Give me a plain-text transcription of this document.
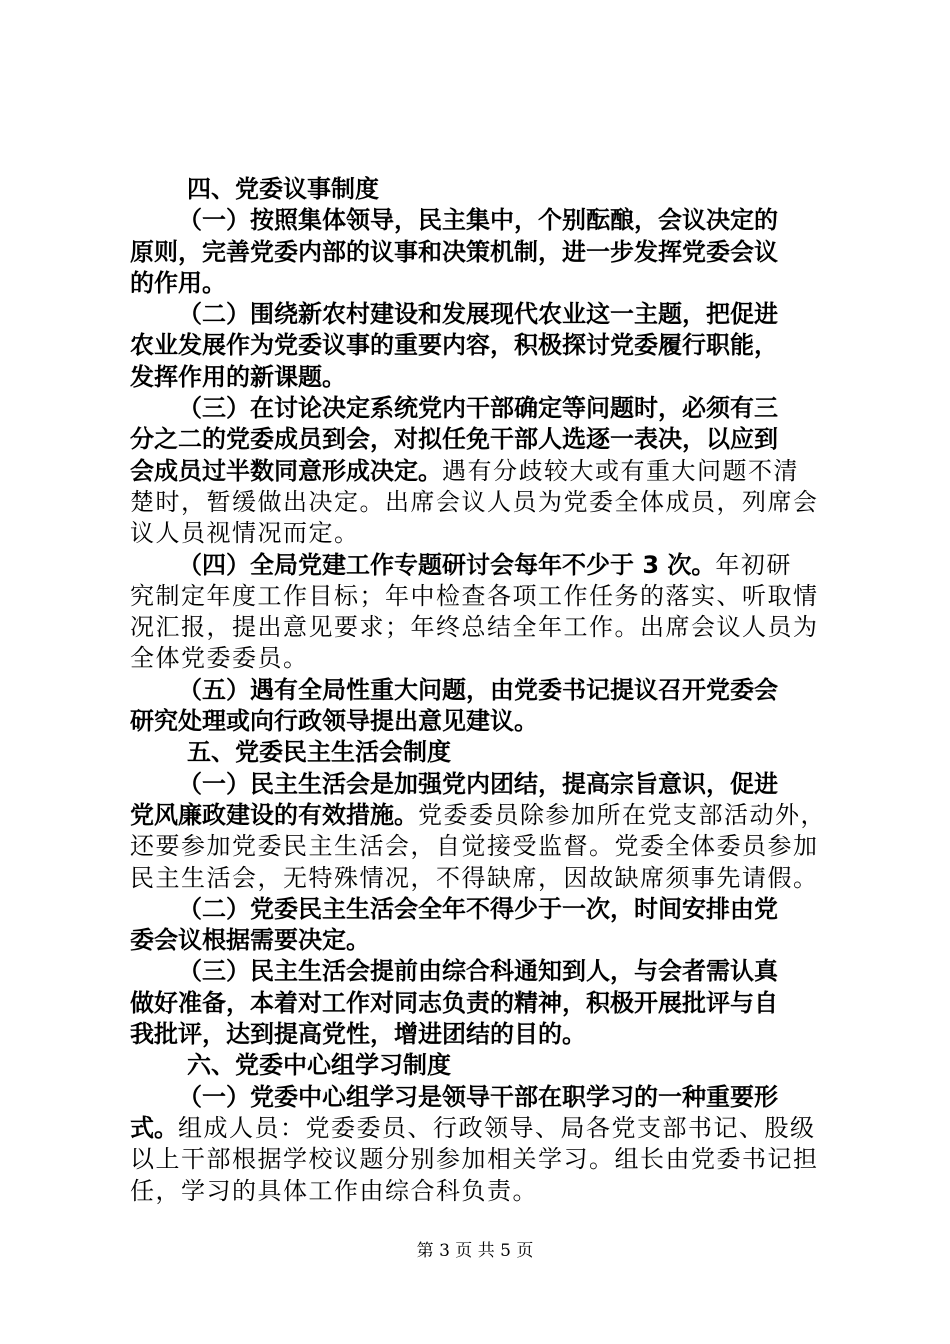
四、党委议事制度
（一）按照集体领导，民主集中，个别酝酿，会议决定的
原则，完善党委内部的议事和决策机制，进一步发挥党委会议
的作用。
（二）围绕新农村建设和发展现代农业这一主题，把促进
农业发展作为党委议事的重要内容，积极探讨党委履行职能，
发挥作用的新课题。
（三）在讨论决定系统党内干部确定等问题时，必须有三
分之二的党委成员到会，对拟任免干部人选逐一表决，以应到
会成员过半数同意形成决定。遇有分歧较大或有重大问题不清
楚时，暂缓做出决定。出席会议人员为党委全体成员，列席会
议人员视情况而定。
（四）全局党建工作专题研讨会每年不少于 3 次。年初研
究制定年度工作目标；年中检查各项工作任务的落实、听取情
况汇报，提出意见要求；年终总结全年工作。出席会议人员为
全体党委委员。
（五）遇有全局性重大问题，由党委书记提议召开党委会
研究处理或向行政领导提出意见建议。
五、党委民主生活会制度
（一）民主生活会是加强党内团结，提高宗旨意识，促进
党风廉政建设的有效措施。党委委员除参加所在党支部活动外，
还要参加党委民主生活会，自觉接受监督。党委全体委员参加
民主生活会，无特殊情况，不得缺席，因故缺席须事先请假。
（二）党委民主生活会全年不得少于一次，时间安排由党
委会议根据需要决定。
（三）民主生活会提前由综合科通知到人，与会者需认真
做好准备，本着对工作对同志负责的精神，积极开展批评与自
我批评，达到提高党性，增进团结的目的。
六、党委中心组学习制度
（一）党委中心组学习是领导干部在职学习的一种重要形
式。组成人员：党委委员、行政领导、局各党支部书记、股级
以上干部根据学校议题分别参加相关学习。组长由党委书记担
任，学习的具体工作由综合科负责。
第 3 页 共 5 页
